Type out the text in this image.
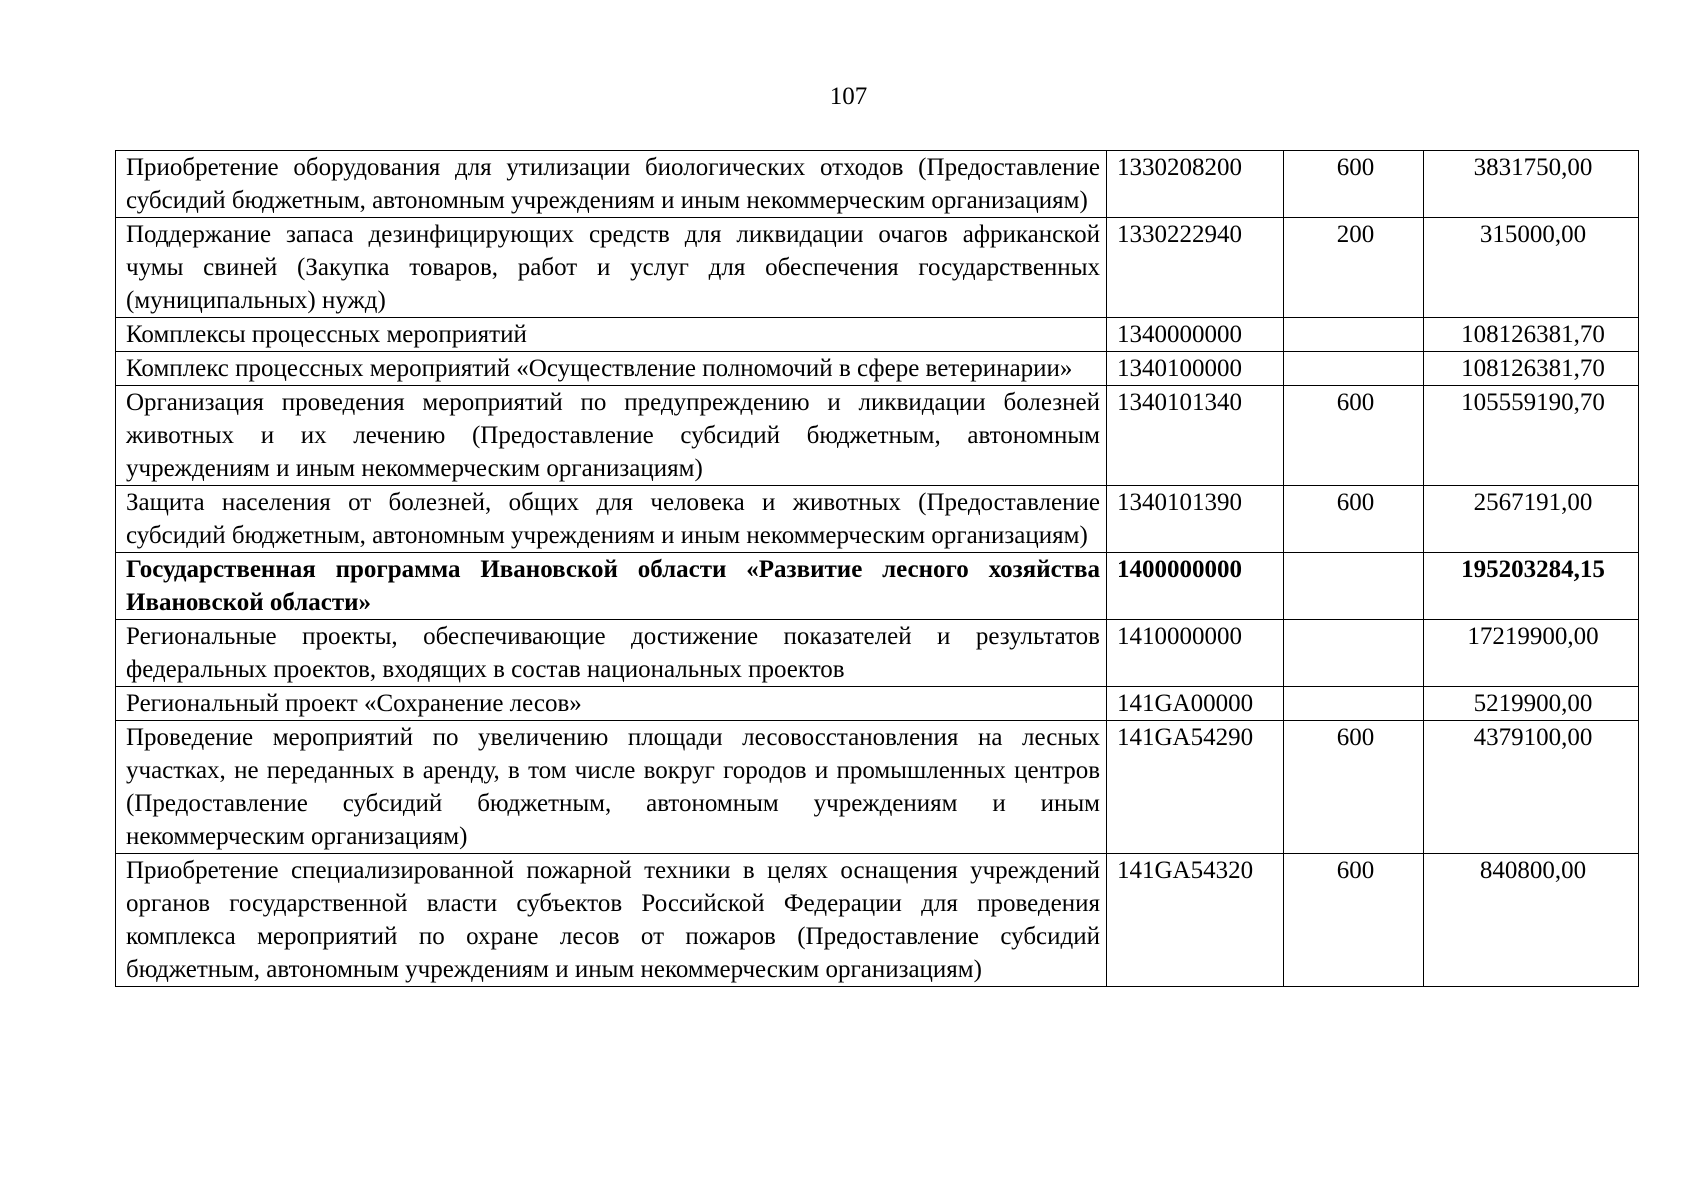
107
Приобретение оборудования для утилизации биологических отходов (Предоставление субсидий бюджетным, автономным учреждениям и иным некоммерческим организациям)	1330208200	600	3831750,00
Поддержание запаса дезинфицирующих средств для ликвидации очагов африканской чумы свиней (Закупка товаров, работ и услуг для обеспечения государственных (муниципальных) нужд)	1330222940	200	315000,00
Комплексы процессных мероприятий	1340000000		108126381,70
Комплекс процессных мероприятий «Осуществление полномочий в сфере ветеринарии»	1340100000		108126381,70
Организация проведения мероприятий по предупреждению и ликвидации болезней животных и их лечению (Предоставление субсидий бюджетным, автономным учреждениям и иным некоммерческим организациям)	1340101340	600	105559190,70
Защита населения от болезней, общих для человека и животных (Предоставление субсидий бюджетным, автономным учреждениям и иным некоммерческим организациям)	1340101390	600	2567191,00
Государственная программа Ивановской области «Развитие лесного хозяйства Ивановской области»	1400000000		195203284,15
Региональные проекты, обеспечивающие достижение показателей и результатов федеральных проектов, входящих в состав национальных проектов	1410000000		17219900,00
Региональный проект «Сохранение лесов»	141GA00000		5219900,00
Проведение мероприятий по увеличению площади лесовосстановления на лесных участках, не переданных в аренду, в том числе вокруг городов и промышленных центров (Предоставление субсидий бюджетным, автономным учреждениям и иным некоммерческим организациям)	141GA54290	600	4379100,00
Приобретение специализированной пожарной техники в целях оснащения учреждений органов государственной власти субъектов Российской Федерации для проведения комплекса мероприятий по охране лесов от пожаров (Предоставление субсидий бюджетным, автономным учреждениям и иным некоммерческим организациям)	141GA54320	600	840800,00
